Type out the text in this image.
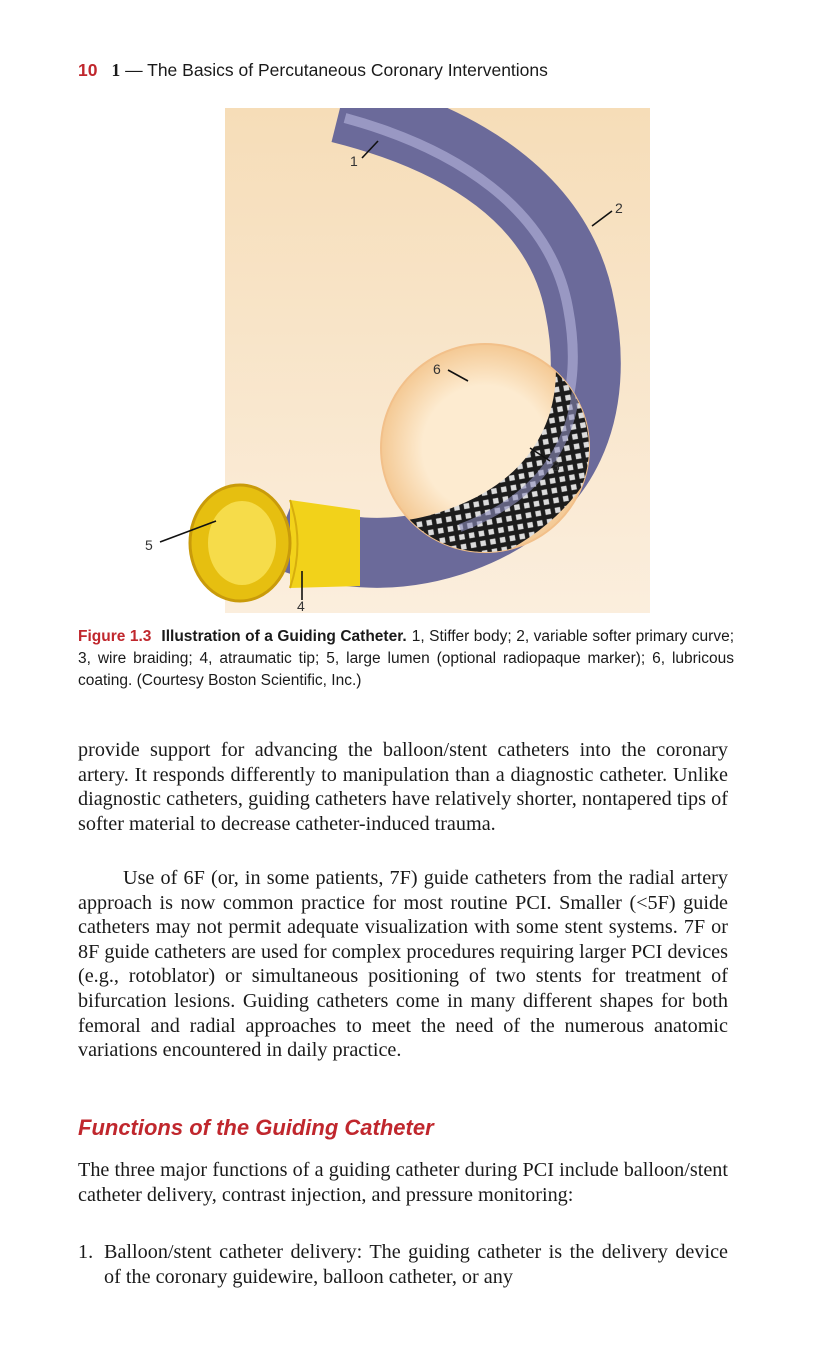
10 1 — The Basics of Percutaneous Coronary Interventions
1
2
3
4
5
6
Figure 1.3 Illustration of a Guiding Catheter. 1, Stiffer body; 2, variable softer primary curve; 3, wire braiding; 4, atraumatic tip; 5, large lumen (optional radiopaque marker); 6, lubricous coating. (Courtesy Boston Scientific, Inc.)

provide support for advancing the balloon/stent catheters into the coronary artery. It responds differently to manipulation than a diagnostic catheter. Unlike diagnostic catheters, guiding catheters have relatively shorter, nontapered tips of softer material to decrease catheter-induced trauma.

Use of 6F (or, in some patients, 7F) guide catheters from the radial artery approach is now common practice for most routine PCI. Smaller (<5F) guide catheters may not permit adequate visualization with some stent systems. 7F or 8F guide catheters are used for complex procedures requiring larger PCI devices (e.g., rotoblator) or simultaneous positioning of two stents for treatment of bifurcation lesions. Guiding catheters come in many different shapes for both femoral and radial approaches to meet the need of the numerous anatomic variations encountered in daily practice.

Functions of the Guiding Catheter

The three major functions of a guiding catheter during PCI include balloon/stent catheter delivery, contrast injection, and pressure monitoring:

1. Balloon/stent catheter delivery: The guiding catheter is the delivery device of the coronary guidewire, balloon catheter, or any
